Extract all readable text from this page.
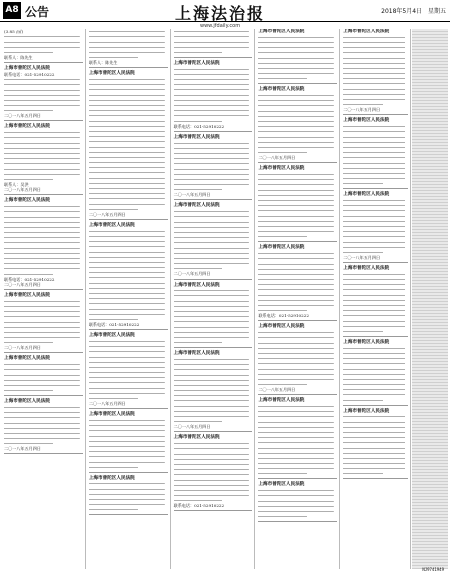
A8 公告	上海法治报	2018年5月4日 星期五
www.jfdaily.com
(3.85 /㎡)
联系人：陈先生
上海市普陀区人民法院
联系电话：021-52910222
二〇一八年五月四日
上海市普陀区人民法院
联系人：吴洪
二〇一八年五月四日
上海市普陀区人民法院
联系电话：021-52910222
二〇一八年五月四日
上海市普陀区人民法院
二〇一八年五月四日
上海市普陀区人民法院
上海市普陀区人民法院
二〇一八年五月四日
联系人：陈先生
上海市普陀区人民法院
二〇一八年五月四日
上海市普陀区人民法院
联系电话：021-52910222
上海市普陀区人民法院
二〇一八年五月四日
上海市普陀区人民法院
上海市普陀区人民法院
上海市普陀区人民法院
联系电话：021-52910222
上海市普陀区人民法院
二〇一八年五月四日
上海市普陀区人民法院
二〇一八年五月四日
上海市普陀区人民法院
上海市普陀区人民法院
二〇一八年五月四日
上海市普陀区人民法院
联系电话：021-52910222
上海市普陀区人民法院
上海市普陀区人民法院
二〇一八年五月四日
上海市普陀区人民法院
上海市普陀区人民法院
联系电话：021-52910222
上海市普陀区人民法院
二〇一八年五月四日
上海市普陀区人民法院
上海市普陀区人民法院
上海市普陀区人民法院
二〇一八年五月四日
上海市普陀区人民法院
上海市普陀区人民法院
二〇一八年五月四日
上海市普陀区人民法院
上海市普陀区人民法院
上海市普陀区人民法院
NJ9741949
